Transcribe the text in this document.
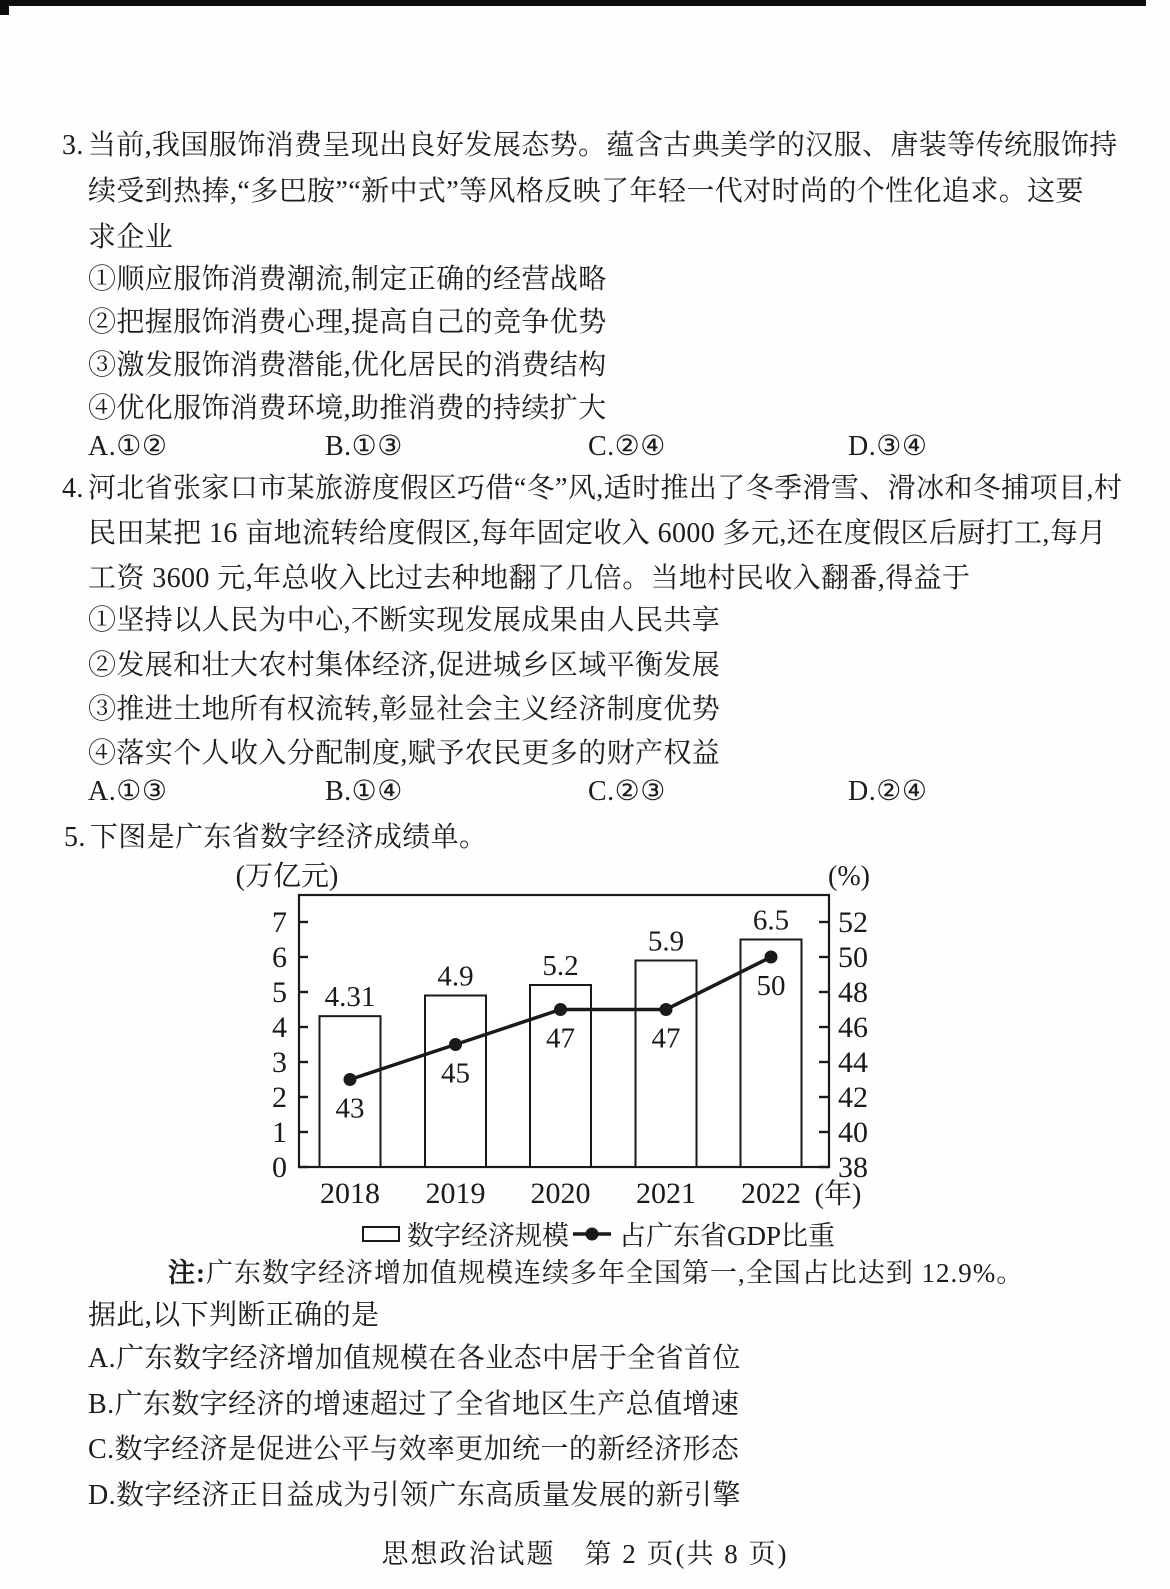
3. 当前,我国服饰消费呈现出良好发展态势。蕴含古典美学的汉服、唐装等传统服饰持
续受到热捧,“多巴胺”“新中式”等风格反映了年轻一代对时尚的个性化追求。这要
求企业
①顺应服饰消费潮流,制定正确的经营战略
②把握服饰消费心理,提高自己的竞争优势
③激发服饰消费潜能,优化居民的消费结构
④优化服饰消费环境,助推消费的持续扩大
A.①②	B.①③	C.②④	D.③④
4. 河北省张家口市某旅游度假区巧借“冬”风,适时推出了冬季滑雪、滑冰和冬捕项目,村
民田某把 16 亩地流转给度假区,每年固定收入 6000 多元,还在度假区后厨打工,每月
工资 3600 元,年总收入比过去种地翻了几倍。当地村民收入翻番,得益于
①坚持以人民为中心,不断实现发展成果由人民共享
②发展和壮大农村集体经济,促进城乡区域平衡发展
③推进土地所有权流转,彰显社会主义经济制度优势
④落实个人收入分配制度,赋予农民更多的财产权益
A.①③	B.①④	C.②③	D.②④
5. 下图是广东省数字经济成绩单。
0
1
2
3
4
5
6
7
38
40
42
44
46
48
50
52
4.31
4.9 5.2
5.9
6.5
43
45
47	47
50
2018 2019 2020 2021 2022 (年)
(万亿元)	(%)
数字经济规模 占广东省GDP比重
注:广东数字经济增加值规模连续多年全国第一,全国占比达到 12.9%。
据此,以下判断正确的是
A.广东数字经济增加值规模在各业态中居于全省首位
B.广东数字经济的增速超过了全省地区生产总值增速
C.数字经济是促进公平与效率更加统一的新经济形态
D.数字经济正日益成为引领广东高质量发展的新引擎
思想政治试题　第 2 页(共 8 页)
